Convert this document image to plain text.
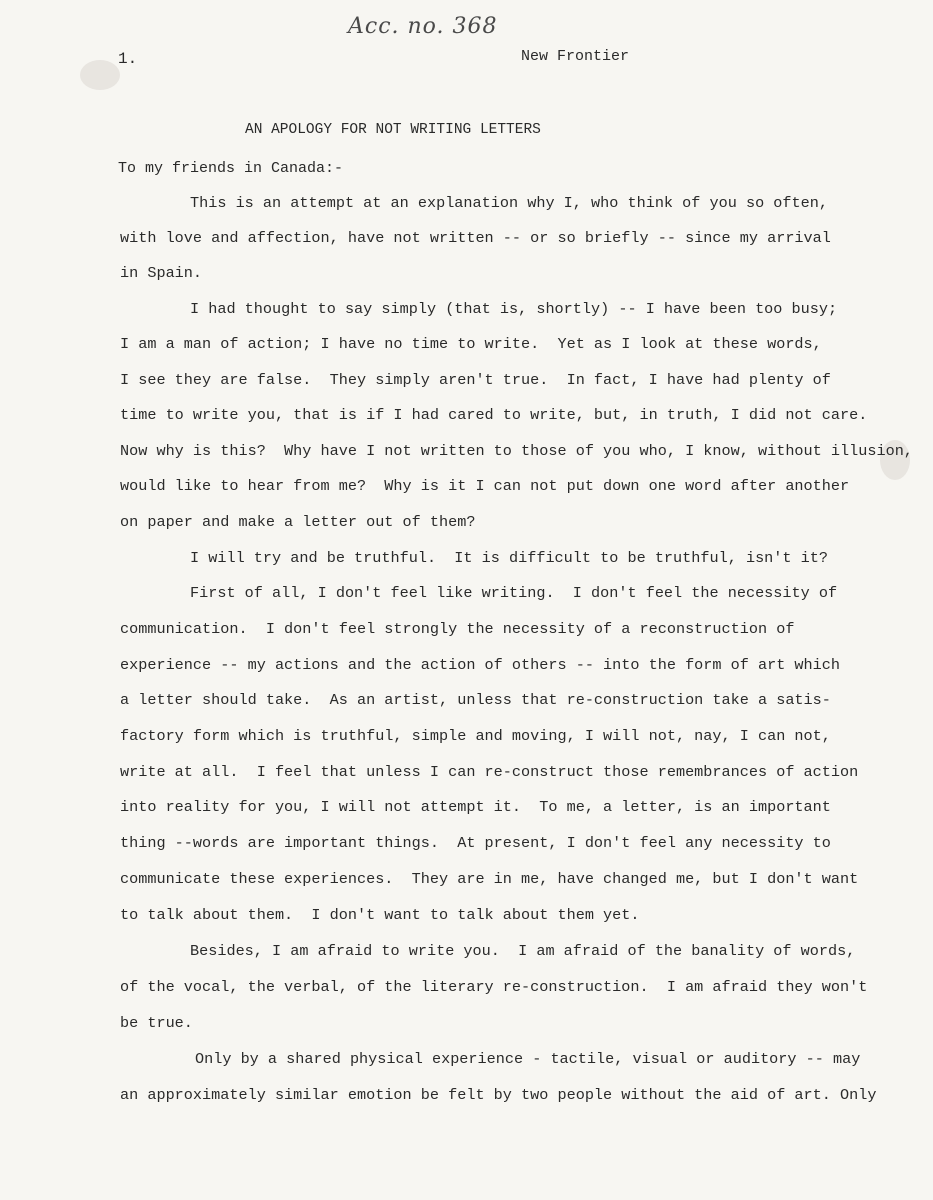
Acc. no. 368
1.	New Frontier
AN APOLOGY FOR NOT WRITING LETTERS
To my friends in Canada:-
This is an attempt at an explanation why I, who think of you so often,
with love and affection, have not written -- or so briefly -- since my arrival
in Spain.
I had thought to say simply (that is, shortly) -- I have been too busy;
I am a man of action; I have no time to write.  Yet as I look at these words,
I see they are false.  They simply aren't true.  In fact, I have had plenty of
time to write you, that is if I had cared to write, but, in truth, I did not care.
Now why is this?  Why have I not written to those of you who, I know, without illusion,
would like to hear from me?  Why is it I can not put down one word after another
on paper and make a letter out of them?
I will try and be truthful.  It is difficult to be truthful, isn't it?
First of all, I don't feel like writing.  I don't feel the necessity of
communication.  I don't feel strongly the necessity of a reconstruction of
experience -- my actions and the action of others -- into the form of art which
a letter should take.  As an artist, unless that re-construction take a satis-
factory form which is truthful, simple and moving, I will not, nay, I can not,
write at all.  I feel that unless I can re-construct those remembrances of action
into reality for you, I will not attempt it.  To me, a letter, is an important
thing --words are important things.  At present, I don't feel any necessity to
communicate these experiences.  They are in me, have changed me, but I don't want
to talk about them.  I don't want to talk about them yet.
Besides, I am afraid to write you.  I am afraid of the banality of words,
of the vocal, the verbal, of the literary re-construction.  I am afraid they won't
be true.
Only by a shared physical experience - tactile, visual or auditory -- may
an approximately similar emotion be felt by two people without the aid of art. Only
